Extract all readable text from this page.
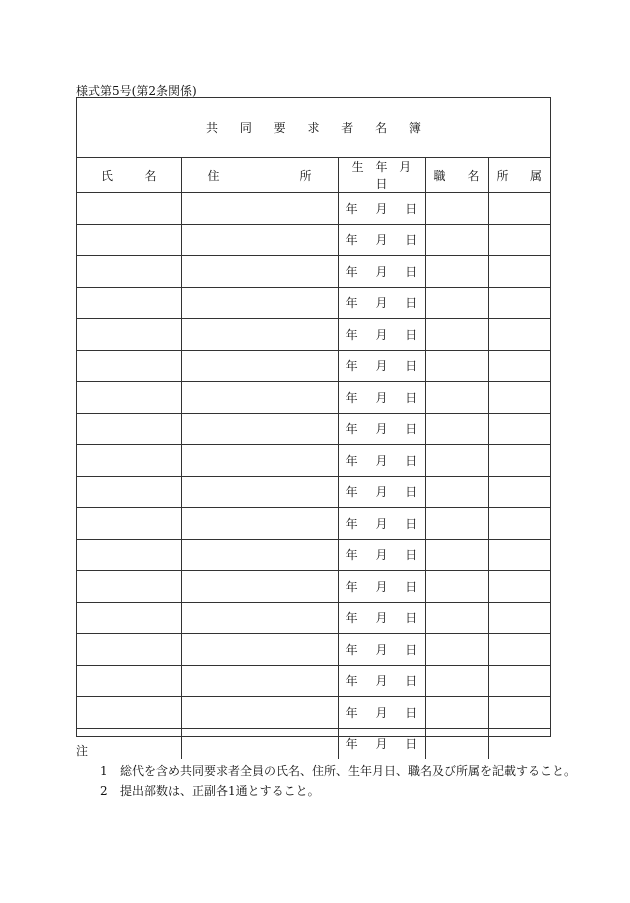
様式第5号(第2条関係)
共 同 要 求 者 名 簿
氏 名	住 所	生 年 月 日	職 名	所 属

		年 月 日		
		年 月 日		
		年 月 日		
		年 月 日		
		年 月 日		
		年 月 日		
		年 月 日		
		年 月 日		
		年 月 日		
		年 月 日		
		年 月 日		
		年 月 日		
		年 月 日		
		年 月 日		
		年 月 日		
		年 月 日		
		年 月 日		
		年 月 日		
注
1 総代を含め共同要求者全員の氏名、住所、生年月日、職名及び所属を記載すること。
2 提出部数は、正副各1通とすること。
